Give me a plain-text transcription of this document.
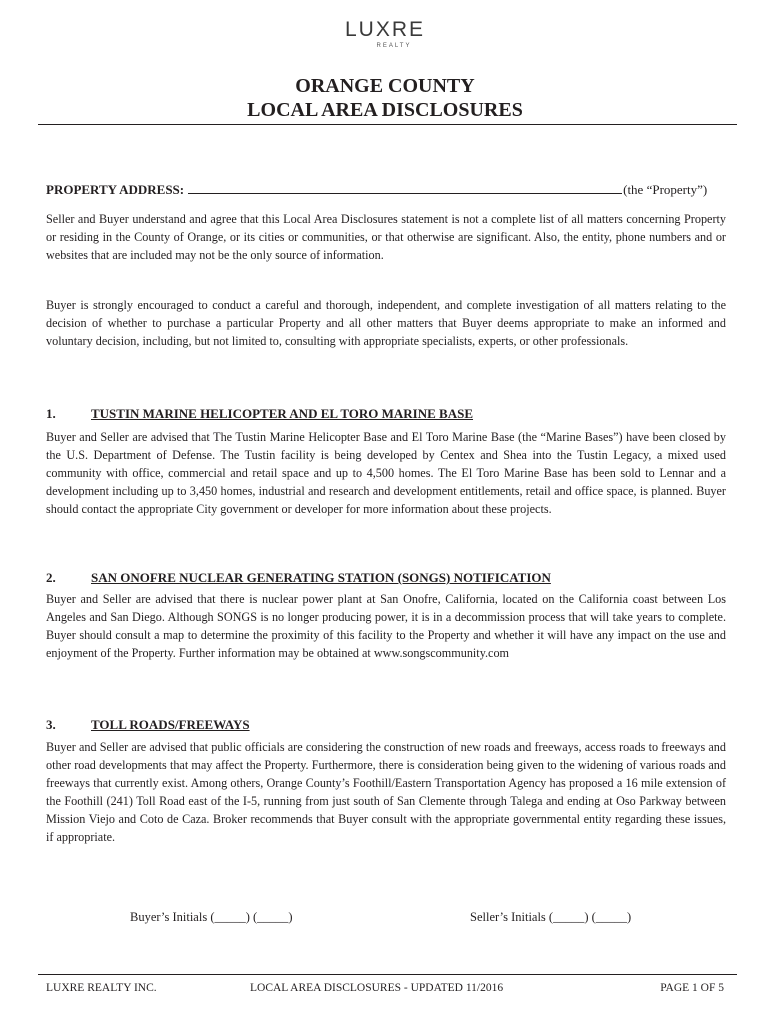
LUXRE
REALTY
ORANGE COUNTY
LOCAL AREA DISCLOSURES
PROPERTY ADDRESS:	(the “Property”)

Seller and Buyer understand and agree that this Local Area Disclosures statement is not a complete list of all matters concerning Property or residing in the County of Orange, or its cities or communities, or that otherwise are significant. Also, the entity, phone numbers and or websites that are included may not be the only source of information.

Buyer is strongly encouraged to conduct a careful and thorough, independent, and complete investigation of all matters relating to the decision of whether to purchase a particular Property and all other matters that Buyer deems appropriate to make an informed and voluntary decision, including, but not limited to, consulting with appropriate specialists, experts, or other professionals.

1.	TUSTIN MARINE HELICOPTER AND EL TORO MARINE BASE

Buyer and Seller are advised that The Tustin Marine Helicopter Base and El Toro Marine Base (the “Marine Bases”) have been closed by the U.S. Department of Defense. The Tustin facility is being developed by Centex and Shea into the Tustin Legacy, a mixed used community with office, commercial and retail space and up to 4,500 homes. The El Toro Marine Base has been sold to Lennar and a development including up to 3,450 homes, industrial and research and development entitlements, retail and office space, is planned. Buyer should contact the appropriate City government or developer for more information about these projects.

2.	SAN ONOFRE NUCLEAR GENERATING STATION (SONGS) NOTIFICATION

Buyer and Seller are advised that there is nuclear power plant at San Onofre, California, located on the California coast between Los Angeles and San Diego. Although SONGS is no longer producing power, it is in a decommission process that will take years to complete. Buyer should consult a map to determine the proximity of this facility to the Property and whether it will have any impact on the use and enjoyment of the Property. Further information may be obtained at www.songscommunity.com

3.	TOLL ROADS/FREEWAYS

Buyer and Seller are advised that public officials are considering the construction of new roads and freeways, access roads to freeways and other road developments that may affect the Property. Furthermore, there is consideration being given to the widening of various roads and freeways that currently exist. Among others, Orange County’s Foothill/Eastern Transportation Agency has proposed a 16 mile extension of the Foothill (241) Toll Road east of the I-5, running from just south of San Clemente through Talega and ending at Oso Parkway between Mission Viejo and Coto de Caza. Broker recommends that Buyer consult with the appropriate governmental entity regarding these issues, if appropriate.

Buyer’s Initials (_____) (_____)	Seller’s Initials (_____) (_____)
LUXRE REALTY INC.	LOCAL AREA DISCLOSURES - UPDATED 11/2016	PAGE 1 OF 5
